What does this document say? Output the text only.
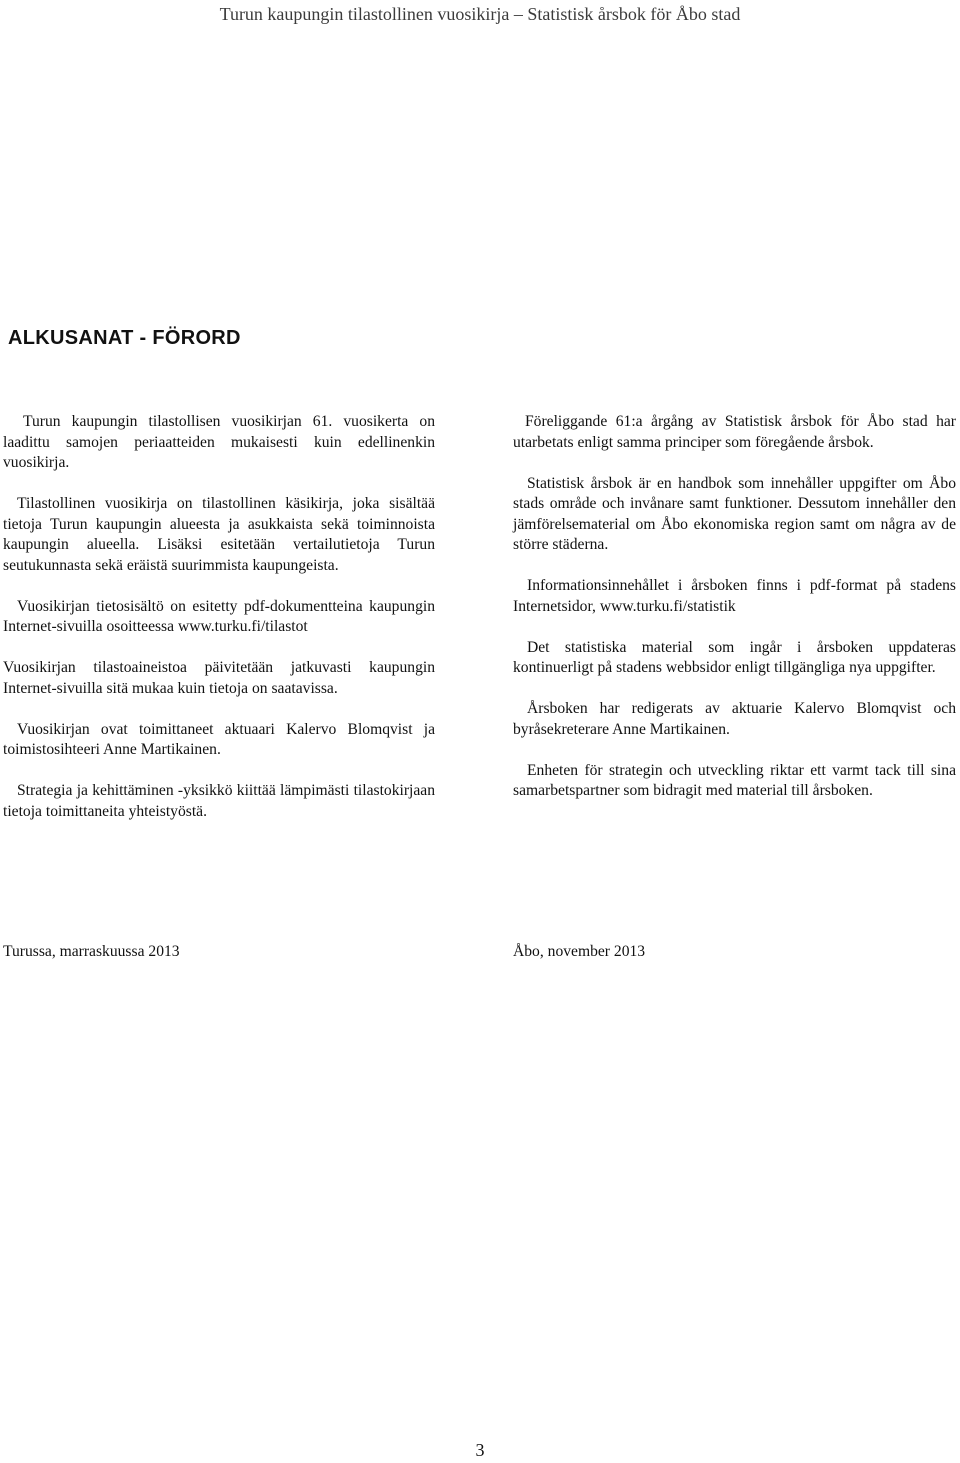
Turun kaupungin tilastollinen vuosikirja – Statistisk årsbok för Åbo stad
ALKUSANAT - FÖRORD

Turun kaupungin tilastollisen vuosikirjan 61. vuosikerta on laadittu samojen periaatteiden mukaisesti kuin edellinenkin vuosikirja.

Tilastollinen vuosikirja on tilastollinen käsikirja, joka sisältää tietoja Turun kaupungin alueesta ja asukkaista sekä toiminnoista kaupungin alueella. Lisäksi esitetään vertailutietoja Turun seutukunnasta sekä eräistä suurimmista kaupungeista.

Vuosikirjan tietosisältö on esitetty pdf-dokumentteina kaupungin Internet-sivuilla osoitteessa www.turku.fi/tilastot

Vuosikirjan tilastoaineistoa päivitetään jatkuvasti kaupungin Internet-sivuilla sitä mukaa kuin tietoja on saatavissa.

Vuosikirjan ovat toimittaneet aktuaari Kalervo Blomqvist ja toimistosihteeri Anne Martikainen.

Strategia ja kehittäminen -yksikkö kiittää lämpimästi tilastokirjaan tietoja toimittaneita yhteistyöstä.

Föreliggande 61:a årgång av Statistisk årsbok för Åbo stad har utarbetats enligt samma principer som föregående årsbok.

Statistisk årsbok är en handbok som innehåller uppgifter om Åbo stads område och invånare samt funktioner. Dessutom innehåller den jämförelsematerial om Åbo ekonomiska region samt om några av de större städerna.

Informationsinnehållet i årsboken finns i pdf-format på stadens Internetsidor, www.turku.fi/statistik

Det statistiska material som ingår i årsboken uppdateras kontinuerligt på stadens webbsidor enligt tillgängliga nya uppgifter.

Årsboken har redigerats av aktuarie Kalervo Blomqvist och byråsekreterare Anne Martikainen.

Enheten för strategin och utveckling riktar ett varmt tack till sina samarbetspartner som bidragit med material till årsboken.

Turussa, marraskuussa 2013	Åbo, november 2013
3
